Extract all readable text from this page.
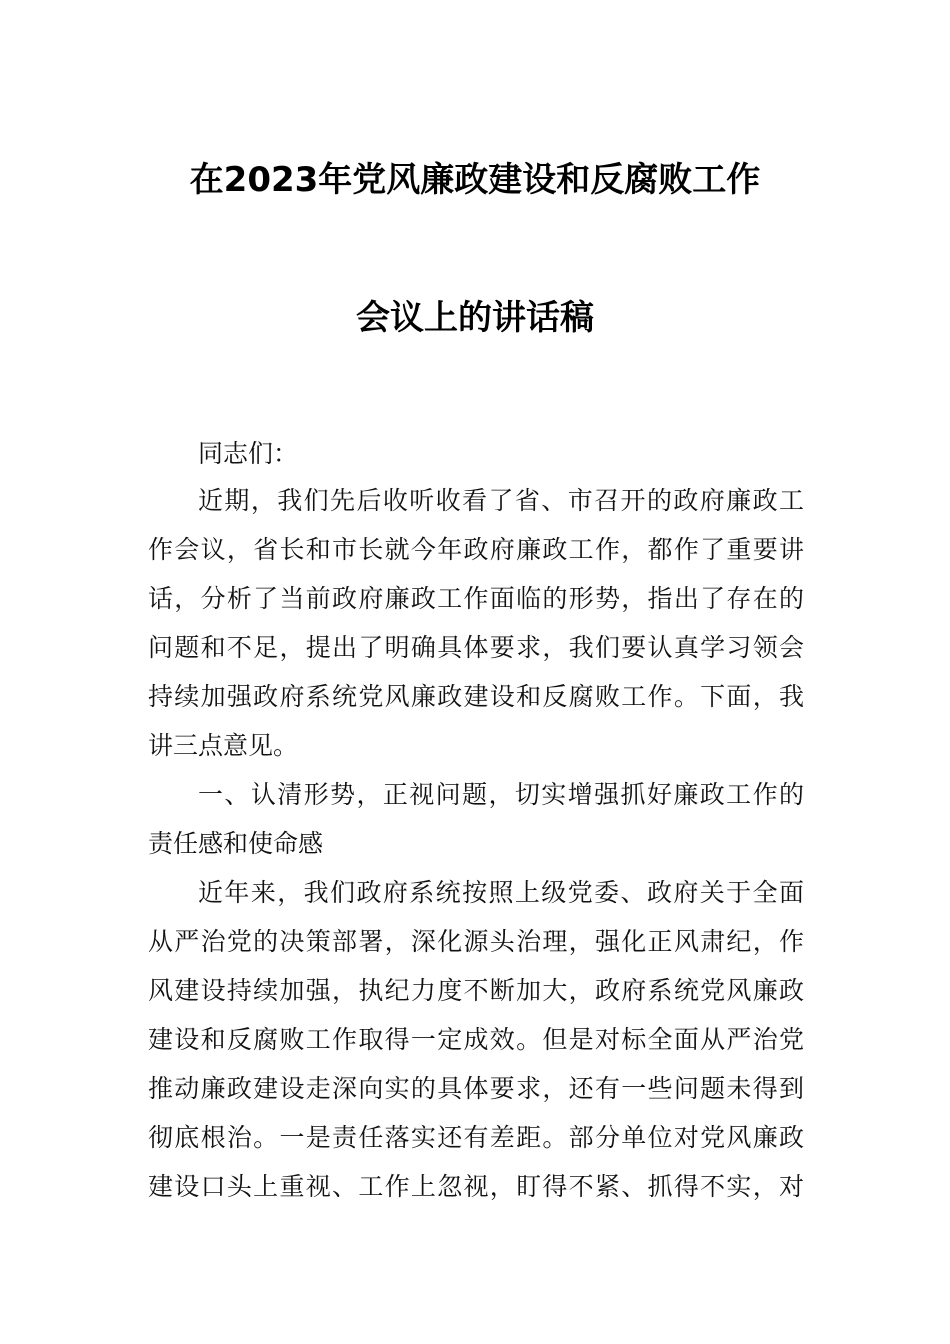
在2023年党风廉政建设和反腐败工作
会议上的讲话稿
同志们：
近期，我们先后收听收看了省、市召开的政府廉政工
作会议，省长和市长就今年政府廉政工作，都作了重要讲
话，分析了当前政府廉政工作面临的形势，指出了存在的
问题和不足，提出了明确具体要求，我们要认真学习领会
持续加强政府系统党风廉政建设和反腐败工作。下面，我
讲三点意见。
一、认清形势，正视问题，切实增强抓好廉政工作的
责任感和使命感
近年来，我们政府系统按照上级党委、政府关于全面
从严治党的决策部署，深化源头治理，强化正风肃纪，作
风建设持续加强，执纪力度不断加大，政府系统党风廉政
建设和反腐败工作取得一定成效。但是对标全面从严治党
推动廉政建设走深向实的具体要求，还有一些问题未得到
彻底根治。一是责任落实还有差距。部分单位对党风廉政
建设口头上重视、工作上忽视，盯得不紧、抓得不实，对
